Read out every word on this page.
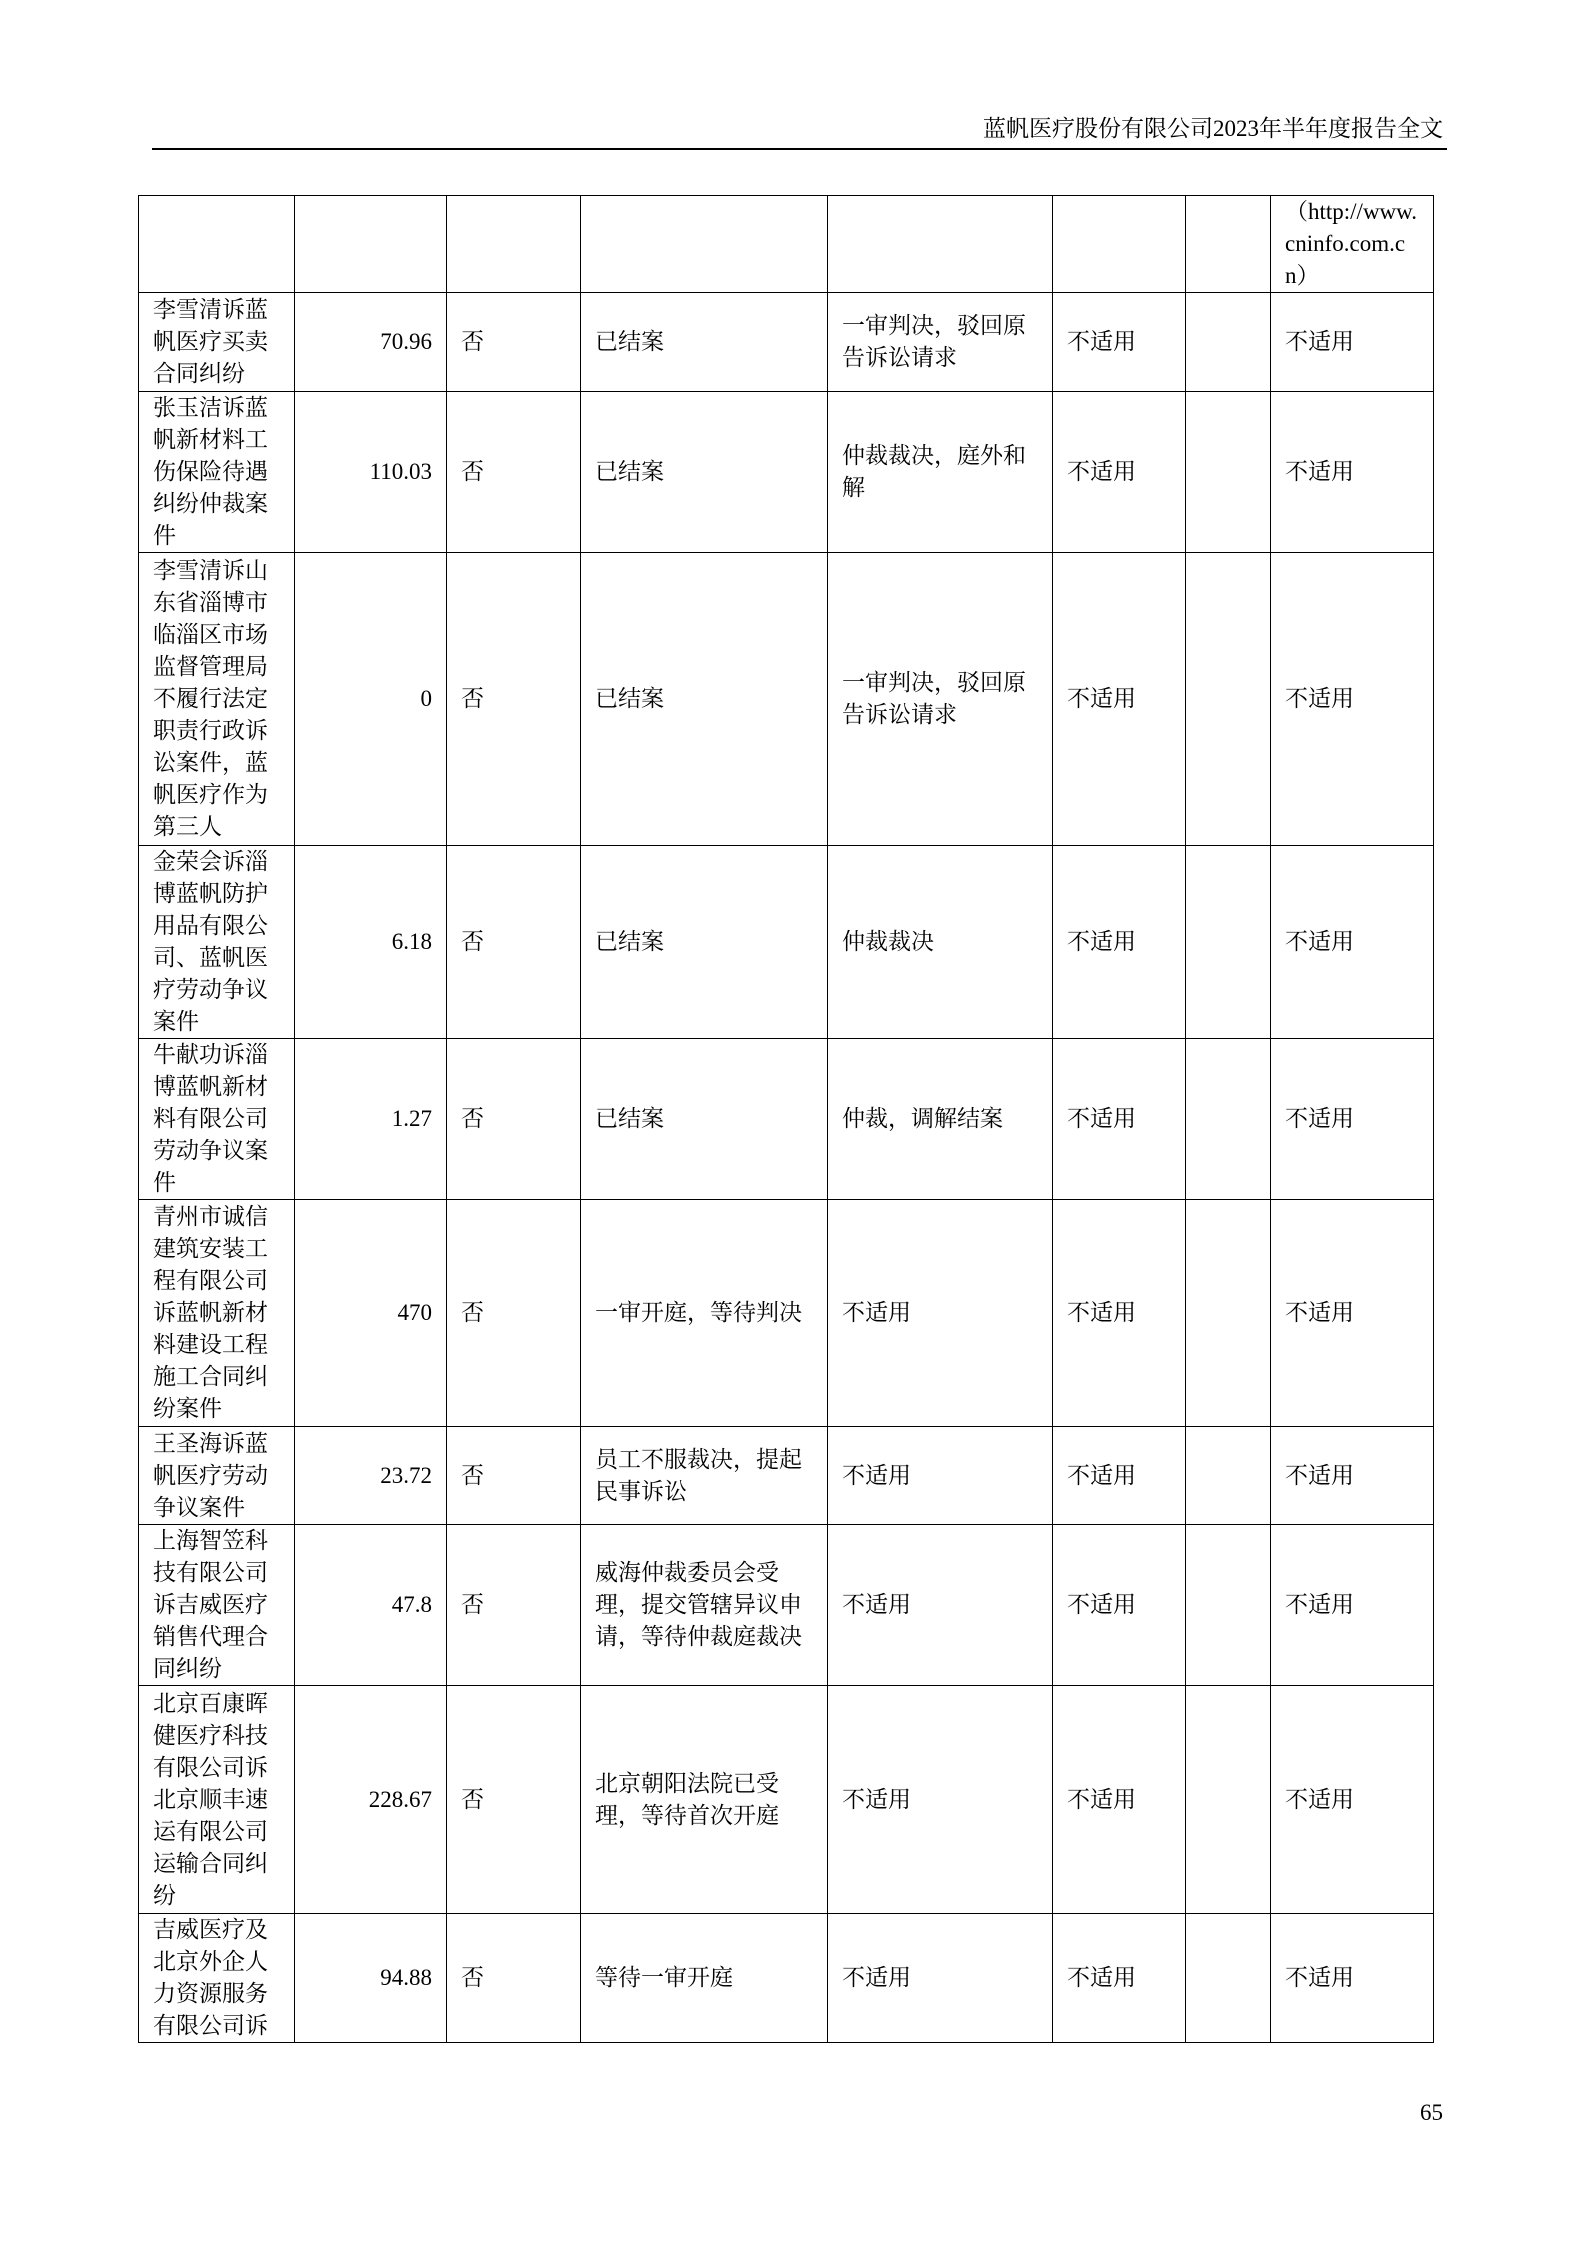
蓝帆医疗股份有限公司2023年半年度报告全文
							（http://www.cninfo.com.cn）
李雪清诉蓝帆医疗买卖合同纠纷	70.96	否	已结案	一审判决，驳回原告诉讼请求	不适用		不适用
张玉洁诉蓝帆新材料工伤保险待遇纠纷仲裁案件	110.03	否	已结案	仲裁裁决，庭外和解	不适用		不适用
李雪清诉山东省淄博市临淄区市场监督管理局不履行法定职责行政诉讼案件，蓝帆医疗作为第三人	0	否	已结案	一审判决，驳回原告诉讼请求	不适用		不适用
金荣会诉淄博蓝帆防护用品有限公司、蓝帆医疗劳动争议案件	6.18	否	已结案	仲裁裁决	不适用		不适用
牛献功诉淄博蓝帆新材料有限公司劳动争议案件	1.27	否	已结案	仲裁，调解结案	不适用		不适用
青州市诚信建筑安装工程有限公司诉蓝帆新材料建设工程施工合同纠纷案件	470	否	一审开庭，等待判决	不适用	不适用		不适用
王圣海诉蓝帆医疗劳动争议案件	23.72	否	员工不服裁决，提起民事诉讼	不适用	不适用		不适用
上海智笠科技有限公司诉吉威医疗销售代理合同纠纷	47.8	否	威海仲裁委员会受理，提交管辖异议申请，等待仲裁庭裁决	不适用	不适用		不适用
北京百康晖健医疗科技有限公司诉北京顺丰速运有限公司运输合同纠纷	228.67	否	北京朝阳法院已受理，等待首次开庭	不适用	不适用		不适用
吉威医疗及北京外企人力资源服务有限公司诉	94.88	否	等待一审开庭	不适用	不适用		不适用
65
